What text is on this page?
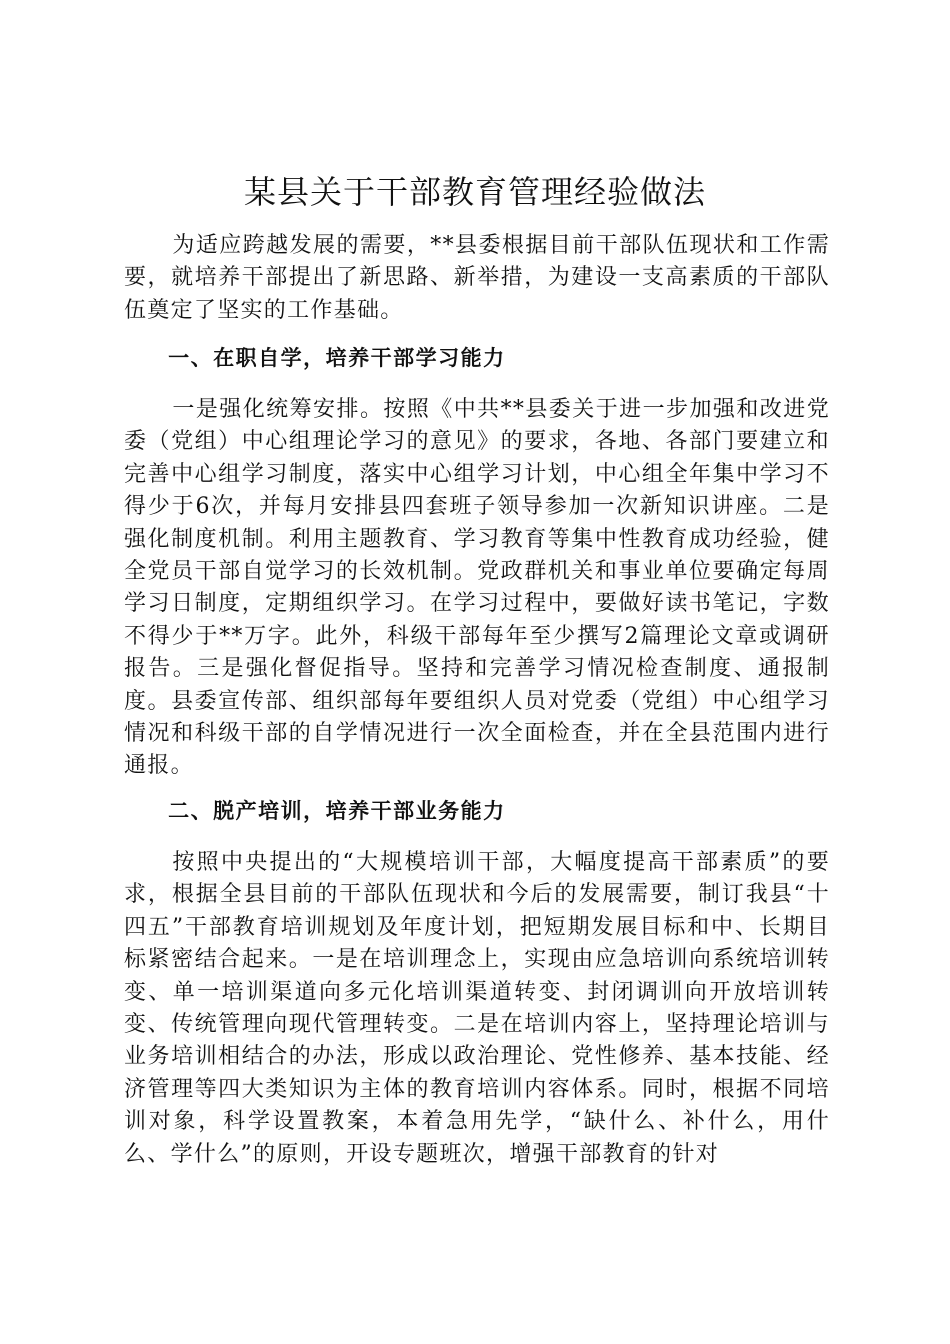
某县关于干部教育管理经验做法

为适应跨越发展的需要，**县委根据目前干部队伍现状和工作需要，就培养干部提出了新思路、新举措，为建设一支高素质的干部队伍奠定了坚实的工作基础。

一、在职自学，培养干部学习能力

一是强化统筹安排。按照《中共**县委关于进一步加强和改进党委（党组）中心组理论学习的意见》的要求，各地、各部门要建立和完善中心组学习制度，落实中心组学习计划，中心组全年集中学习不得少于6次，并每月安排县四套班子领导参加一次新知识讲座。二是强化制度机制。利用主题教育、学习教育等集中性教育成功经验，健全党员干部自觉学习的长效机制。党政群机关和事业单位要确定每周学习日制度，定期组织学习。在学习过程中，要做好读书笔记，字数不得少于**万字。此外，科级干部每年至少撰写2篇理论文章或调研报告。三是强化督促指导。坚持和完善学习情况检查制度、通报制度。县委宣传部、组织部每年要组织人员对党委（党组）中心组学习情况和科级干部的自学情况进行一次全面检查，并在全县范围内进行通报。

二、脱产培训，培养干部业务能力

按照中央提出的“大规模培训干部，大幅度提高干部素质”的要求，根据全县目前的干部队伍现状和今后的发展需要，制订我县“十四五”干部教育培训规划及年度计划，把短期发展目标和中、长期目标紧密结合起来。一是在培训理念上，实现由应急培训向系统培训转变、单一培训渠道向多元化培训渠道转变、封闭调训向开放培训转变、传统管理向现代管理转变。二是在培训内容上，坚持理论培训与业务培训相结合的办法，形成以政治理论、党性修养、基本技能、经济管理等四大类知识为主体的教育培训内容体系。同时，根据不同培训对象，科学设置教案，本着急用先学，“缺什么、补什么，用什么、学什么”的原则，开设专题班次，增强干部教育的针对
